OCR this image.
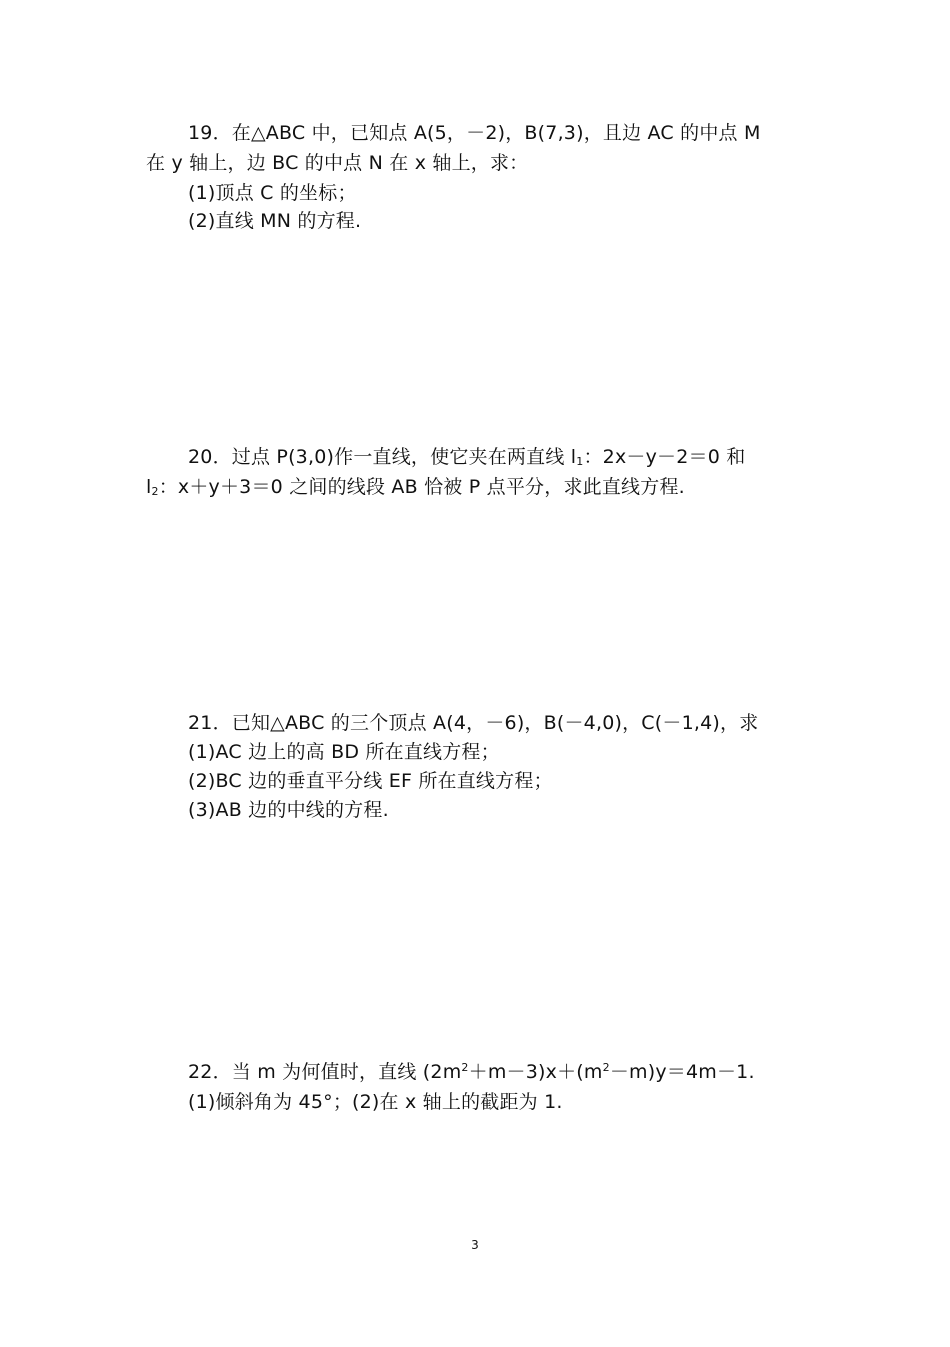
19．在△ABC 中，已知点 A(5，－2)，B(7,3)，且边 AC 的中点 M
在 y 轴上，边 BC 的中点 N 在 x 轴上，求：
(1)顶点 C 的坐标；
(2)直线 MN 的方程.
20．过点 P(3,0)作一直线，使它夹在两直线 $l_1$：2x－y－2＝0 和
$l_2$：x＋y＋3＝0 之间的线段 AB 恰被 P 点平分，求此直线方程.
21．已知△ABC 的三个顶点 A(4，－6)，B(－4,0)，C(－1,4)，求
(1)AC 边上的高 BD 所在直线方程；
(2)BC 边的垂直平分线 EF 所在直线方程；
(3)AB 边的中线的方程.
22．当 m 为何值时，直线 $(2m^2+m-3)x+(m^2-m)y=4m-1$.
(1)倾斜角为 45°；(2)在 x 轴上的截距为 1.
3
